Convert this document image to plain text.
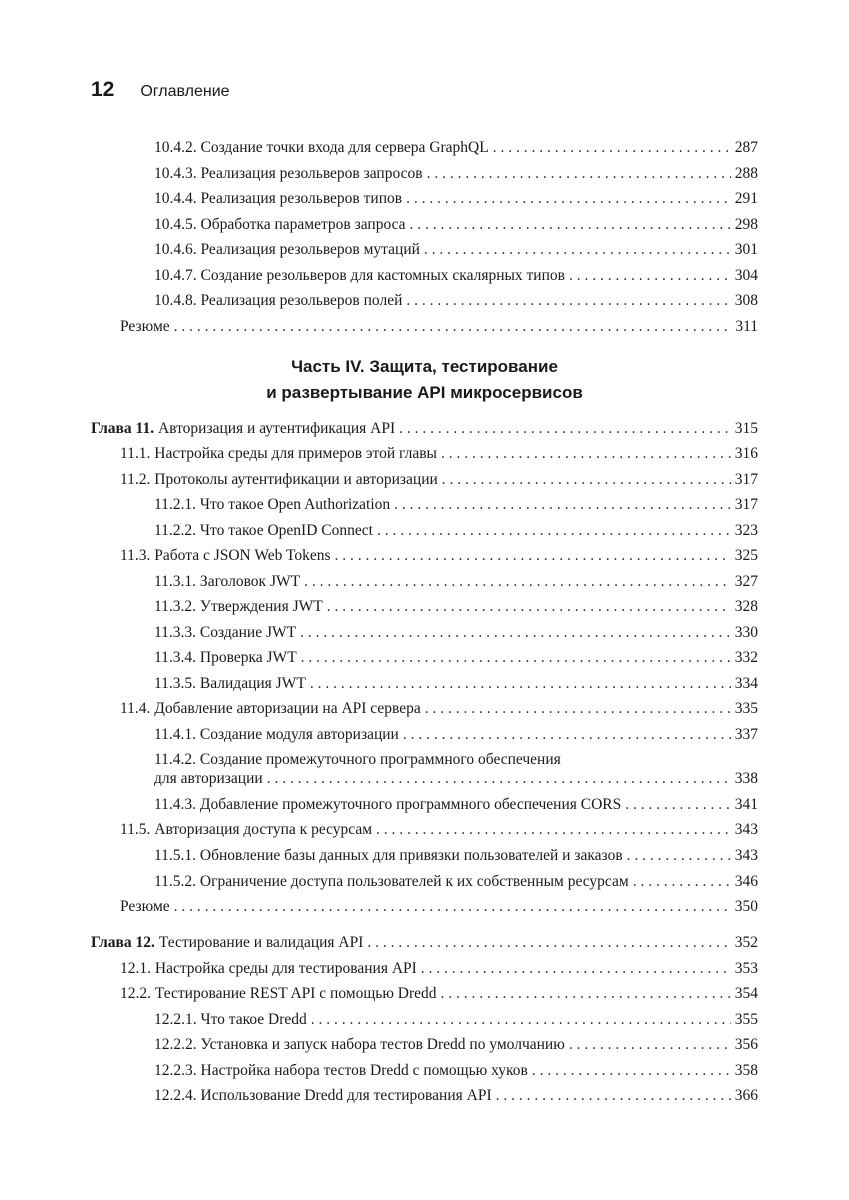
12 Оглавление
10.4.2. Создание точки входа для сервера GraphQL . . .	287
10.4.3. Реализация резольверов запросов . . .	288
10.4.4. Реализация резольверов типов . . .	291
10.4.5. Обработка параметров запроса . . .	298
10.4.6. Реализация резольверов мутаций . . .	301
10.4.7. Создание резольверов для кастомных скалярных типов . . .	304
10.4.8. Реализация резольверов полей . . .	308
Резюме . . .	311
Часть IV. Защита, тестирование
и развертывание API микросервисов
Глава 11.
Авторизация и аутентификация API . . .	315
11.1. Настройка среды для примеров этой главы . . .	316
11.2. Протоколы аутентификации и авторизации . . .	317
11.2.1. Что такое Open Authorization . . .	317
11.2.2. Что такое OpenID Connect . . .	323
11.3. Работа с JSON Web Tokens . . .	325
11.3.1. Заголовок JWT . . .	327
11.3.2. Утверждения JWT . . .	328
11.3.3. Создание JWT . . .	330
11.3.4. Проверка JWT . . .	332
11.3.5. Валидация JWT . . .	334
11.4. Добавление авторизации на API сервера . . .	335
11.4.1. Создание модуля авторизации . . .	337
11.4.2. Создание промежуточного программного обеспечения
для авторизации . . .	338
11.4.3. Добавление промежуточного программного обеспечения CORS . . .	341
11.5. Авторизация доступа к ресурсам . . .	343
11.5.1. Обновление базы данных для привязки пользователей и заказов . . .	343
11.5.2. Ограничение доступа пользователей к их собственным ресурсам . . .	346
Резюме . . .	350
Глава 12.
Тестирование и валидация API . . .	352
12.1. Настройка среды для тестирования API . . .	353
12.2. Тестирование REST API с помощью Dredd . . .	354
12.2.1. Что такое Dredd . . .	355
12.2.2. Установка и запуск набора тестов Dredd по умолчанию . . .	356
12.2.3. Настройка набора тестов Dredd с помощью хуков . . .	358
12.2.4. Использование Dredd для тестирования API . . .	366
